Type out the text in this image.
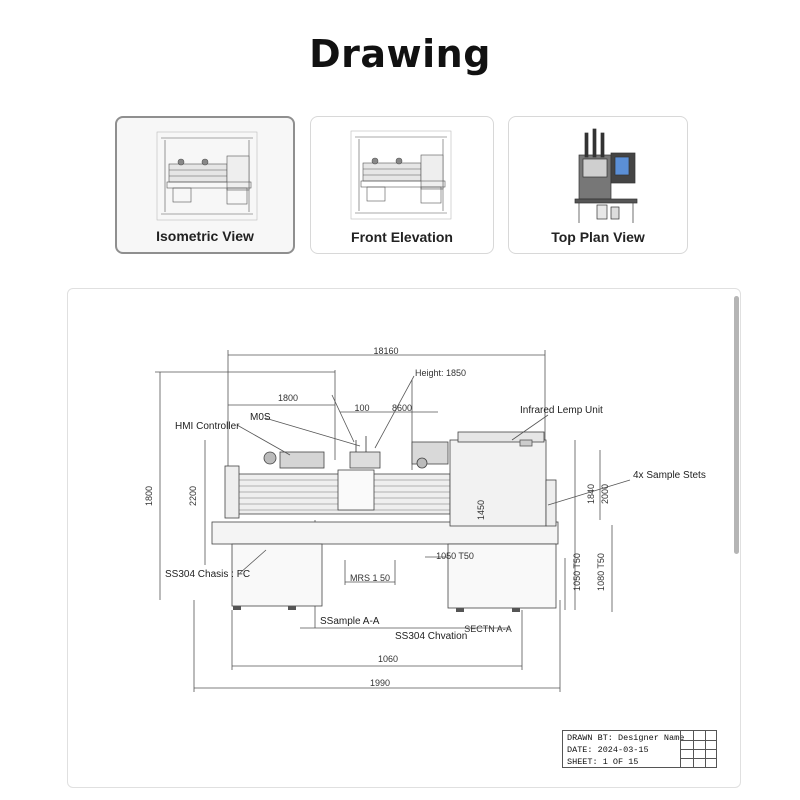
Drawing
Isometric View	Front Elevation	Top Plan View
18160
Height: 1850
1800
100 8600
1800	2200	1840 2000
1450
1050 T50 1080 T50
1050 T50
MRS 1 50
SECTN A-A
1060
1990
HMI Controller
M0S
Infrared Lemp Unit
4x Sample Stets
SS304 Chasis : FC
SSample A-A
SS304 Chvation
DRAWN BT: Designer Name
DATE: 2024-03-15
SHEET: 1 OF 15
